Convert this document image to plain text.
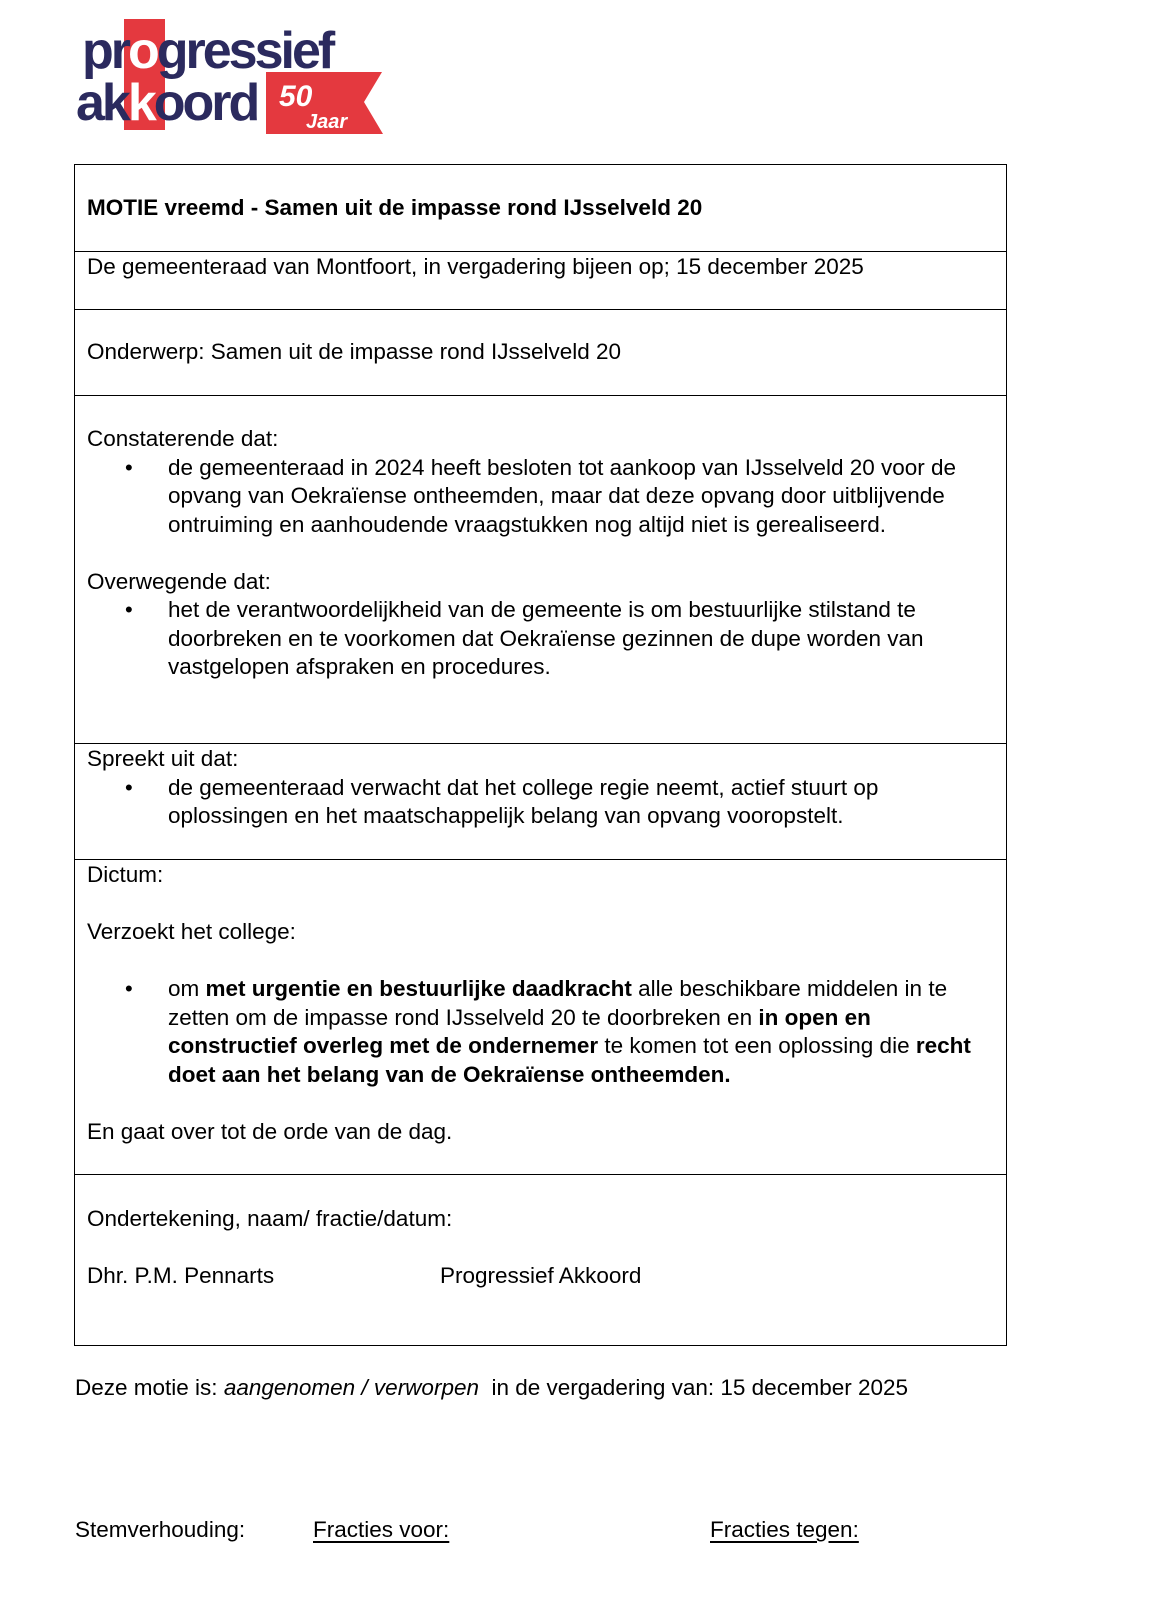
progressief
akkoord 50
Jaar
MOTIE vreemd - Samen uit de impasse rond IJsselveld 20
De gemeenteraad van Montfoort, in vergadering bijeen op; 15 december 2025
Onderwerp: Samen uit de impasse rond IJsselveld 20
Constaterende dat:
• de gemeenteraad in 2024 heeft besloten tot aankoop van IJsselveld 20 voor de opvang van Oekraïense ontheemden, maar dat deze opvang door uitblijvende ontruiming en aanhoudende vraagstukken nog altijd niet is gerealiseerd.
Overwegende dat:
• het de verantwoordelijkheid van de gemeente is om bestuurlijke stilstand te doorbreken en te voorkomen dat Oekraïense gezinnen de dupe worden van vastgelopen afspraken en procedures.
Spreekt uit dat:
• de gemeenteraad verwacht dat het college regie neemt, actief stuurt op oplossingen en het maatschappelijk belang van opvang vooropstelt.
Dictum:
Verzoekt het college:
• om met urgentie en bestuurlijke daadkracht alle beschikbare middelen in te zetten om de impasse rond IJsselveld 20 te doorbreken en in open en constructief overleg met de ondernemer te komen tot een oplossing die recht doet aan het belang van de Oekraïense ontheemden.
En gaat over tot de orde van de dag.
Ondertekening, naam/ fractie/datum:
Dhr. P.M. Pennarts	Progressief Akkoord
Deze motie is: aangenomen / verworpen  in de vergadering van: 15 december 2025
Stemverhouding:	Fracties voor:	Fracties tegen:
